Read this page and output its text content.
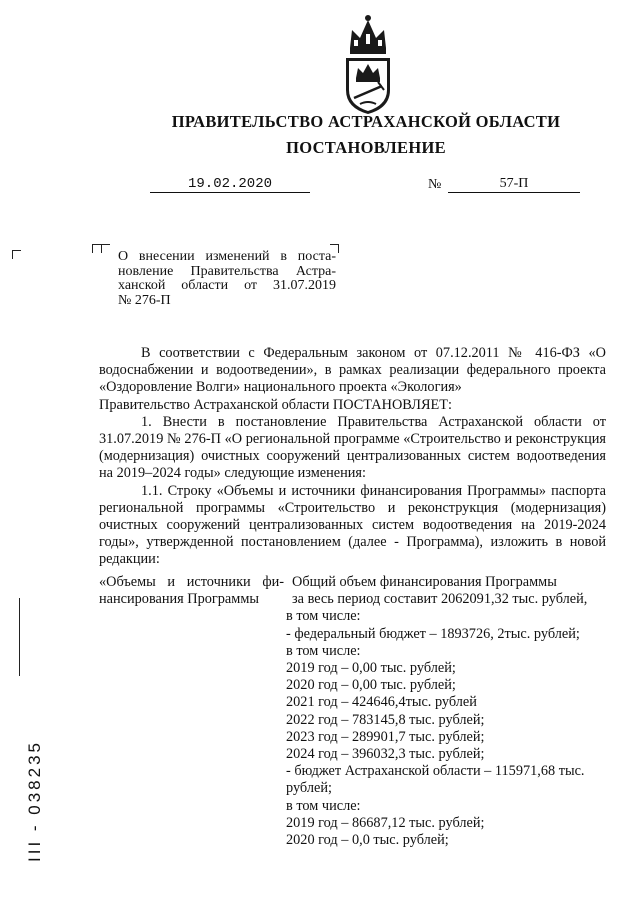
ПРАВИТЕЛЬСТВО АСТРАХАНСКОЙ ОБЛАСТИ
ПОСТАНОВЛЕНИЕ
19.02.2020	№	57-П
О внесении изменений в поста-
новление Правительства Астра-
ханской области от 31.07.2019
№ 276-П

В соответствии с Федеральным законом от 07.12.2011 № 416-ФЗ «О водоснабжении и водоотведении», в рамках реализации федерального проекта «Оздоровление Волги» национального проекта «Экология»

Правительство Астраханской области ПОСТАНОВЛЯЕТ:

1. Внести в постановление Правительства Астраханской области от 31.07.2019 № 276-П «О региональной программе «Строительство и реконструкция (модернизация) очистных сооружений централизованных систем водоотведения на 2019–2024 годы» следующие изменения:

1.1. Строку «Объемы и источники финансирования Программы» паспорта региональной программы «Строительство и реконструкция (модернизация) очистных сооружений централизованных систем водоотведения на 2019-2024 годы», утвержденной постановлением (далее - Программа), изложить в новой редакции:

«Объемы и источники фи-
нансирования Программы
Общий объем финансирования Программы
за весь период составит 2062091,32 тыс. рублей,
в том числе:
- федеральный бюджет – 1893726, 2тыс. рублей;
в том числе:
2019 год – 0,00 тыс. рублей;
2020 год – 0,00 тыс. рублей;
2021 год – 424646,4тыс. рублей
2022 год – 783145,8 тыс. рублей;
2023 год – 289901,7 тыс. рублей;
2024 год – 396032,3 тыс. рублей;
- бюджет Астраханской области – 115971,68 тыс.
рублей;
в том числе:
2019 год – 86687,12 тыс. рублей;
2020 год – 0,0 тыс. рублей;
III - 038235
